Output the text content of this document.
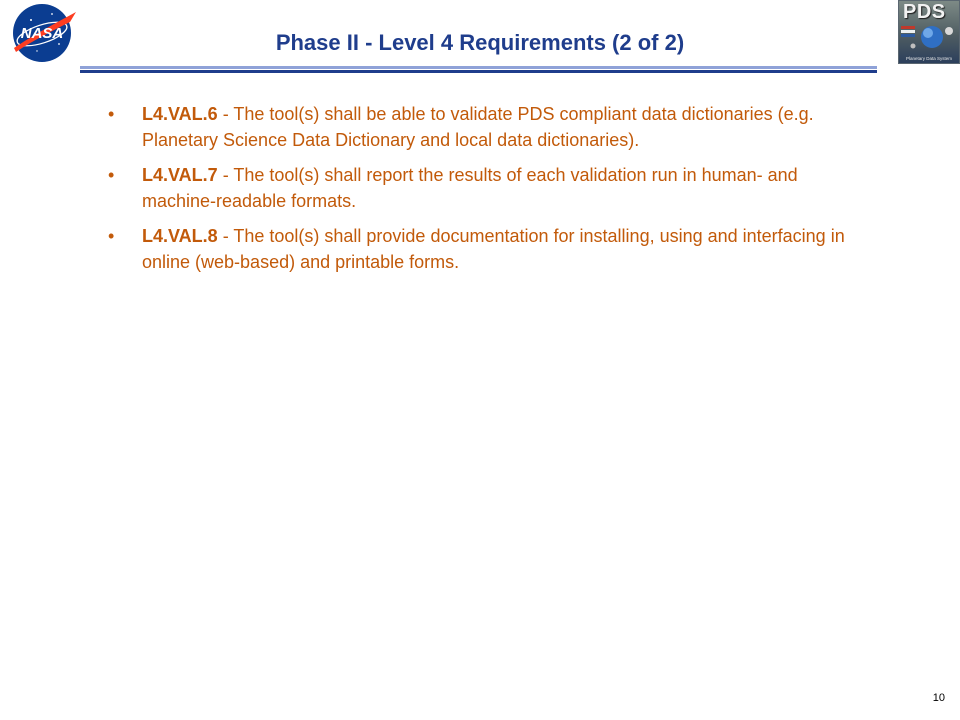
NASA
PDS
Planetary Data System
Phase II - Level 4 Requirements (2 of 2)
• L4.VAL.6 - The tool(s) shall be able to validate PDS compliant data dictionaries (e.g. Planetary Science Data Dictionary and local data dictionaries).
• L4.VAL.7 - The tool(s) shall report the results of each validation run in human- and machine-readable formats.
• L4.VAL.8 - The tool(s) shall provide documentation for installing, using and interfacing in online (web-based) and printable forms.
10
